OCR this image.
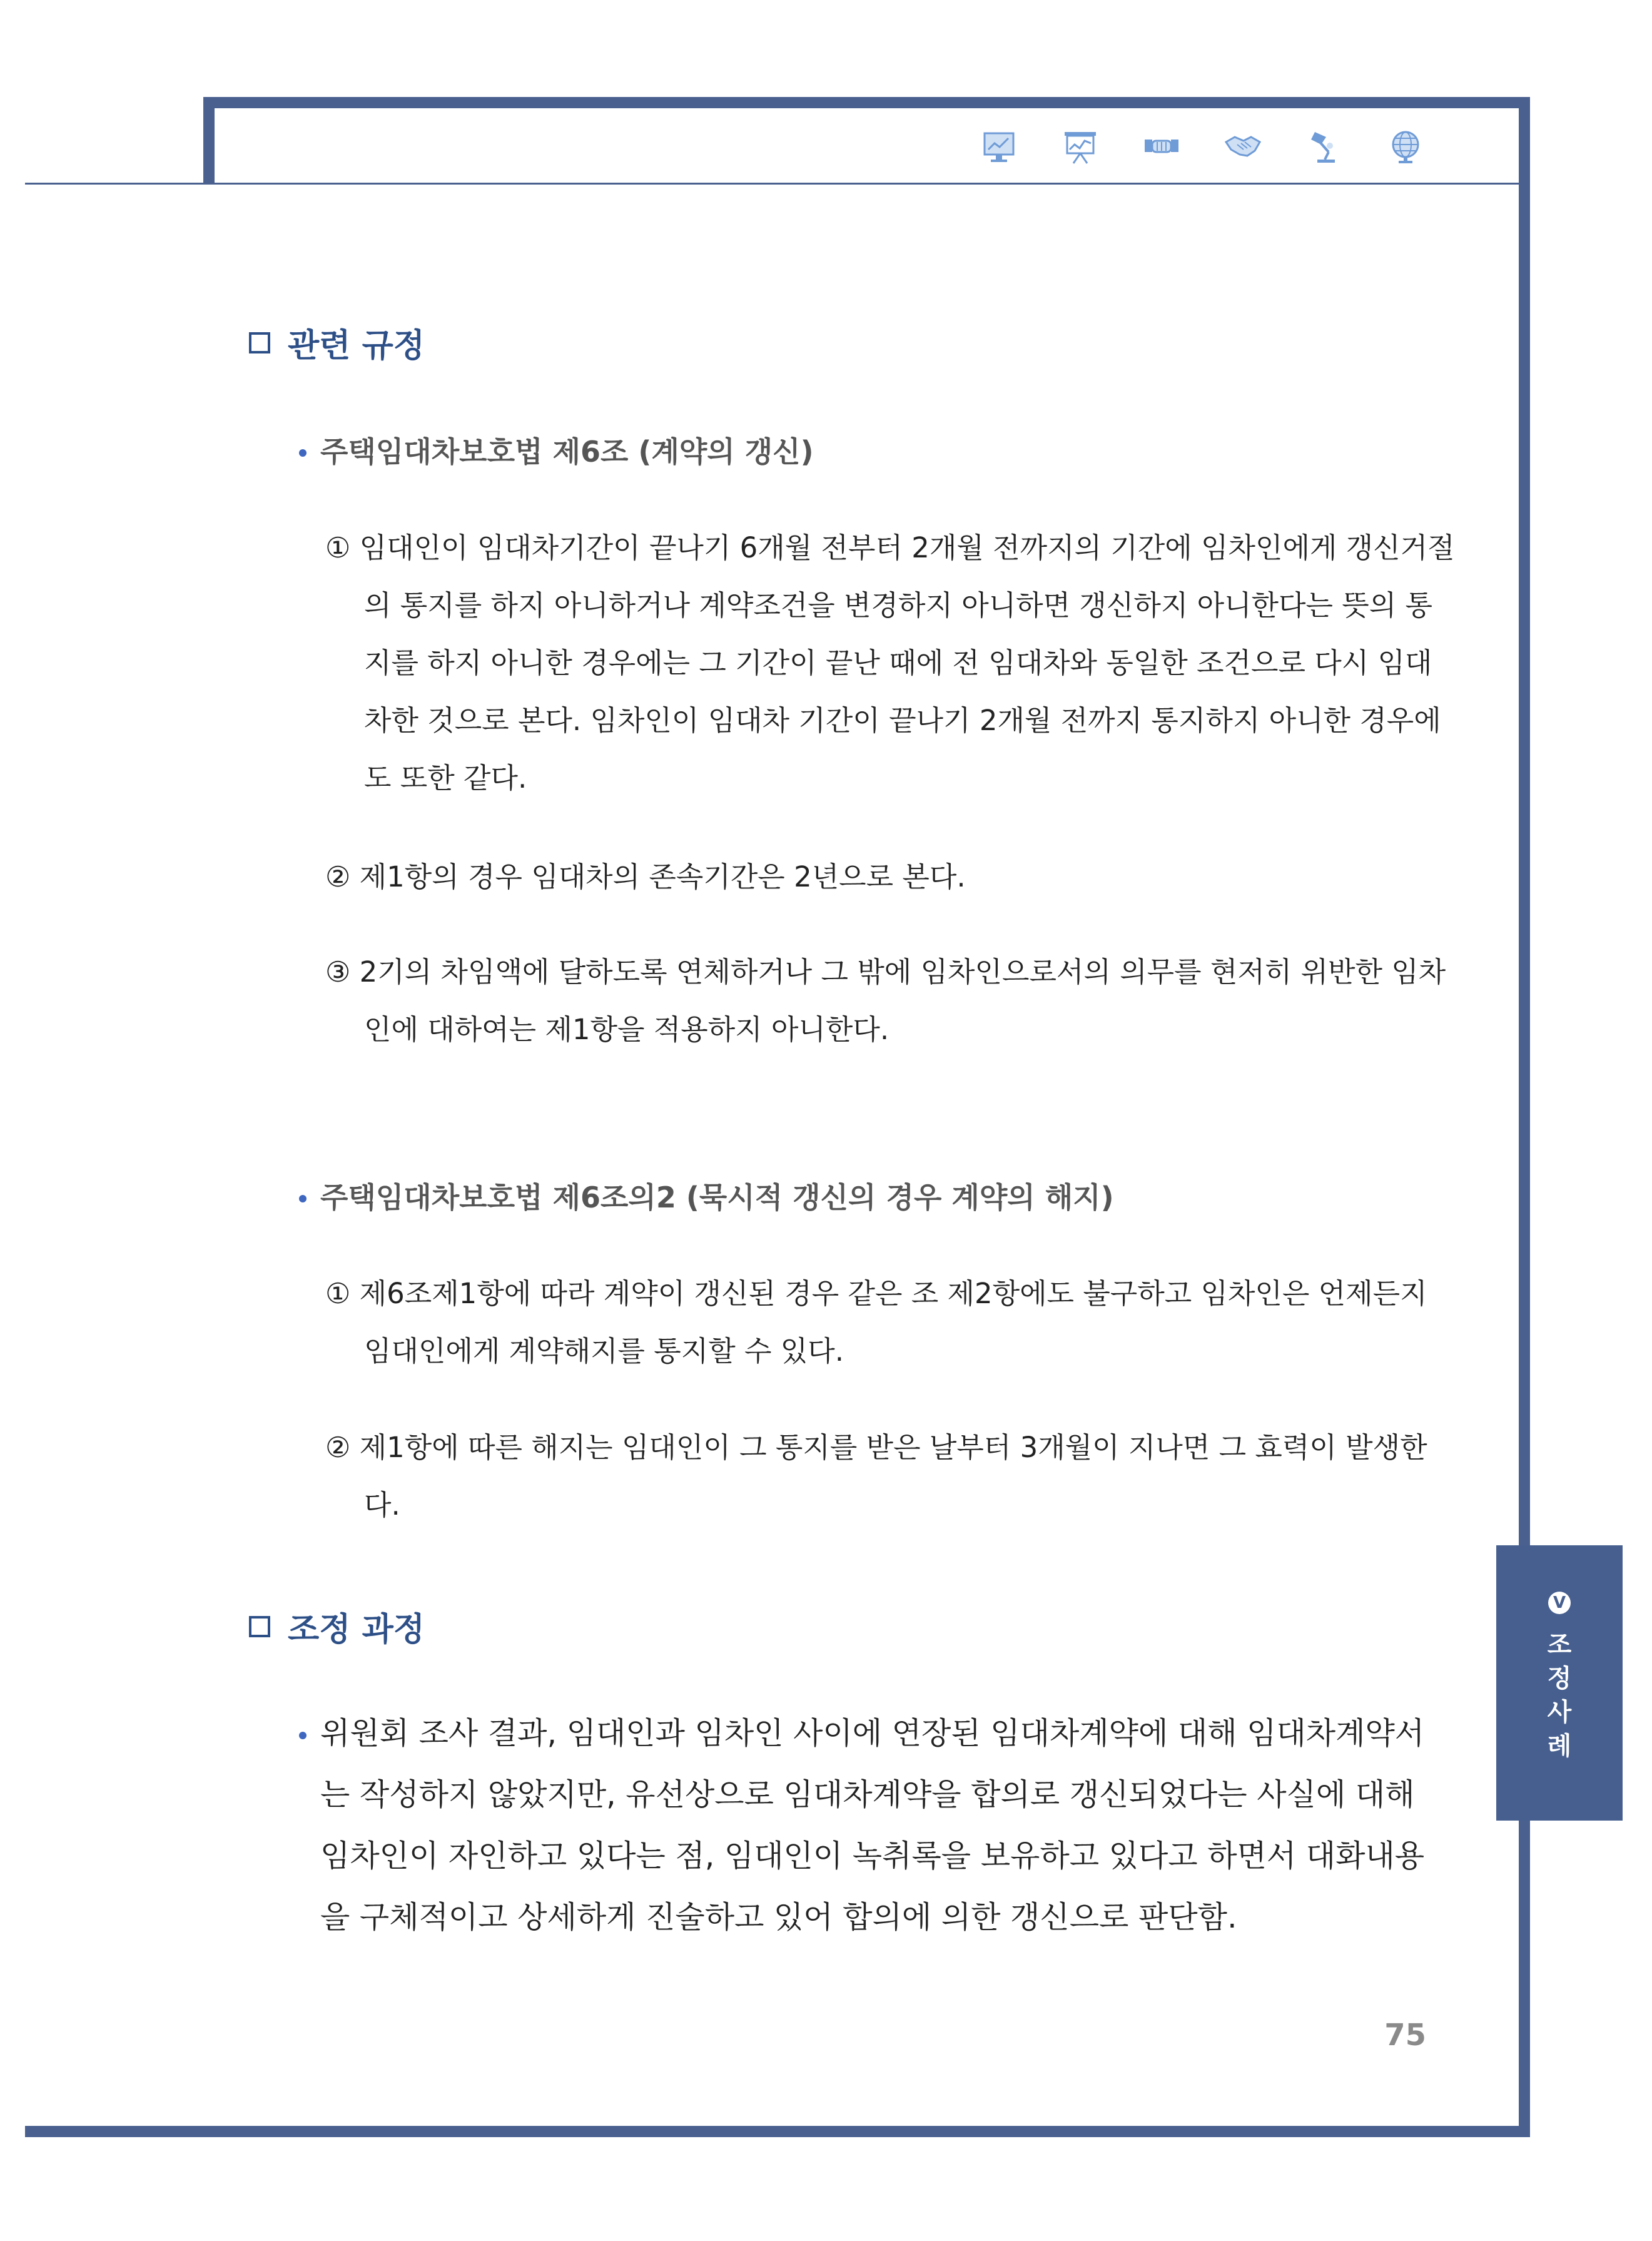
V
조정사례
관련 규정
주택임대차보호법 제6조 (계약의 갱신)

① 임대인이 임대차기간이 끝나기 6개월 전부터 2개월 전까지의 기간에 임차인에게 갱신거절의 통지를 하지 아니하거나 계약조건을 변경하지 아니하면 갱신하지 아니한다는 뜻의 통지를 하지 아니한 경우에는 그 기간이 끝난 때에 전 임대차와 동일한 조건으로 다시 임대차한 것으로 본다. 임차인이 임대차 기간이 끝나기 2개월 전까지 통지하지 아니한 경우에도 또한 같다.

② 제1항의 경우 임대차의 존속기간은 2년으로 본다.

③ 2기의 차임액에 달하도록 연체하거나 그 밖에 임차인으로서의 의무를 현저히 위반한 임차인에 대하여는 제1항을 적용하지 아니한다.

주택임대차보호법 제6조의2 (묵시적 갱신의 경우 계약의 해지)

① 제6조제1항에 따라 계약이 갱신된 경우 같은 조 제2항에도 불구하고 임차인은 언제든지 임대인에게 계약해지를 통지할 수 있다.

② 제1항에 따른 해지는 임대인이 그 통지를 받은 날부터 3개월이 지나면 그 효력이 발생한다.

조정 과정

위원회 조사 결과, 임대인과 임차인 사이에 연장된 임대차계약에 대해 임대차계약서는 작성하지 않았지만, 유선상으로 임대차계약을 합의로 갱신되었다는 사실에 대해 임차인이 자인하고 있다는 점, 임대인이 녹취록을 보유하고 있다고 하면서 대화내용을 구체적이고 상세하게 진술하고 있어 합의에 의한 갱신으로 판단함.

75
